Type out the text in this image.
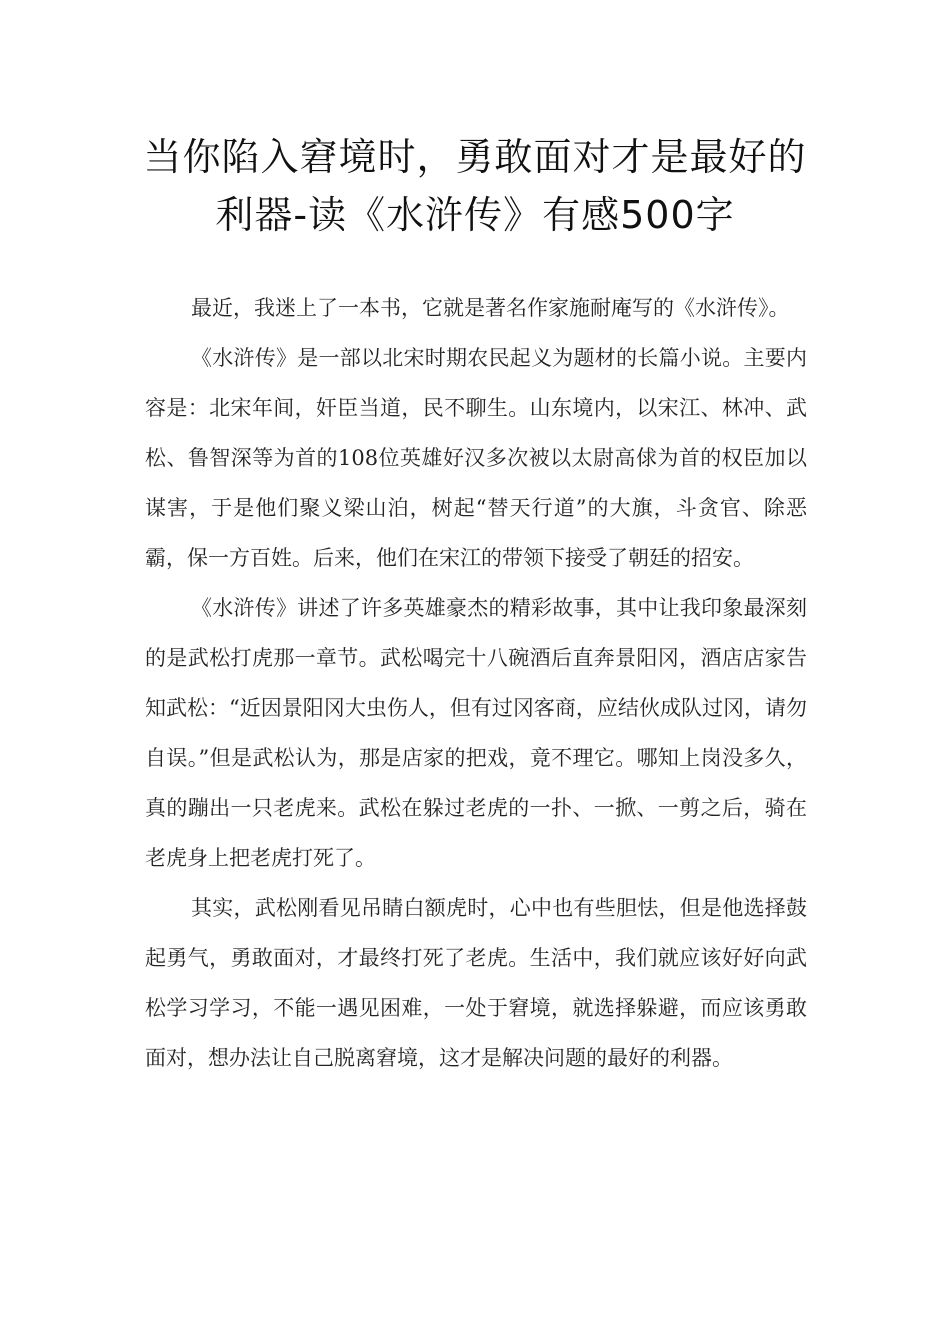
当你陷入窘境时，勇敢面对才是最好的
利器-读《水浒传》有感500字

最近，我迷上了一本书，它就是著名作家施耐庵写的《水浒传》。

《水浒传》是一部以北宋时期农民起义为题材的长篇小说。主要内容是：北宋年间，奸臣当道，民不聊生。山东境内，以宋江、林冲、武松、鲁智深等为首的108位英雄好汉多次被以太尉高俅为首的权臣加以谋害，于是他们聚义梁山泊，树起“替天行道”的大旗，斗贪官、除恶霸，保一方百姓。后来，他们在宋江的带领下接受了朝廷的招安。

《水浒传》讲述了许多英雄豪杰的精彩故事，其中让我印象最深刻的是武松打虎那一章节。武松喝完十八碗酒后直奔景阳冈，酒店店家告知武松：“近因景阳冈大虫伤人，但有过冈客商，应结伙成队过冈，请勿自误。”但是武松认为，那是店家的把戏，竟不理它。哪知上岗没多久，真的蹦出一只老虎来。武松在躲过老虎的一扑、一掀、一剪之后，骑在老虎身上把老虎打死了。

其实，武松刚看见吊睛白额虎时，心中也有些胆怯，但是他选择鼓起勇气，勇敢面对，才最终打死了老虎。生活中，我们就应该好好向武松学习学习，不能一遇见困难，一处于窘境，就选择躲避，而应该勇敢面对，想办法让自己脱离窘境，这才是解决问题的最好的利器。
